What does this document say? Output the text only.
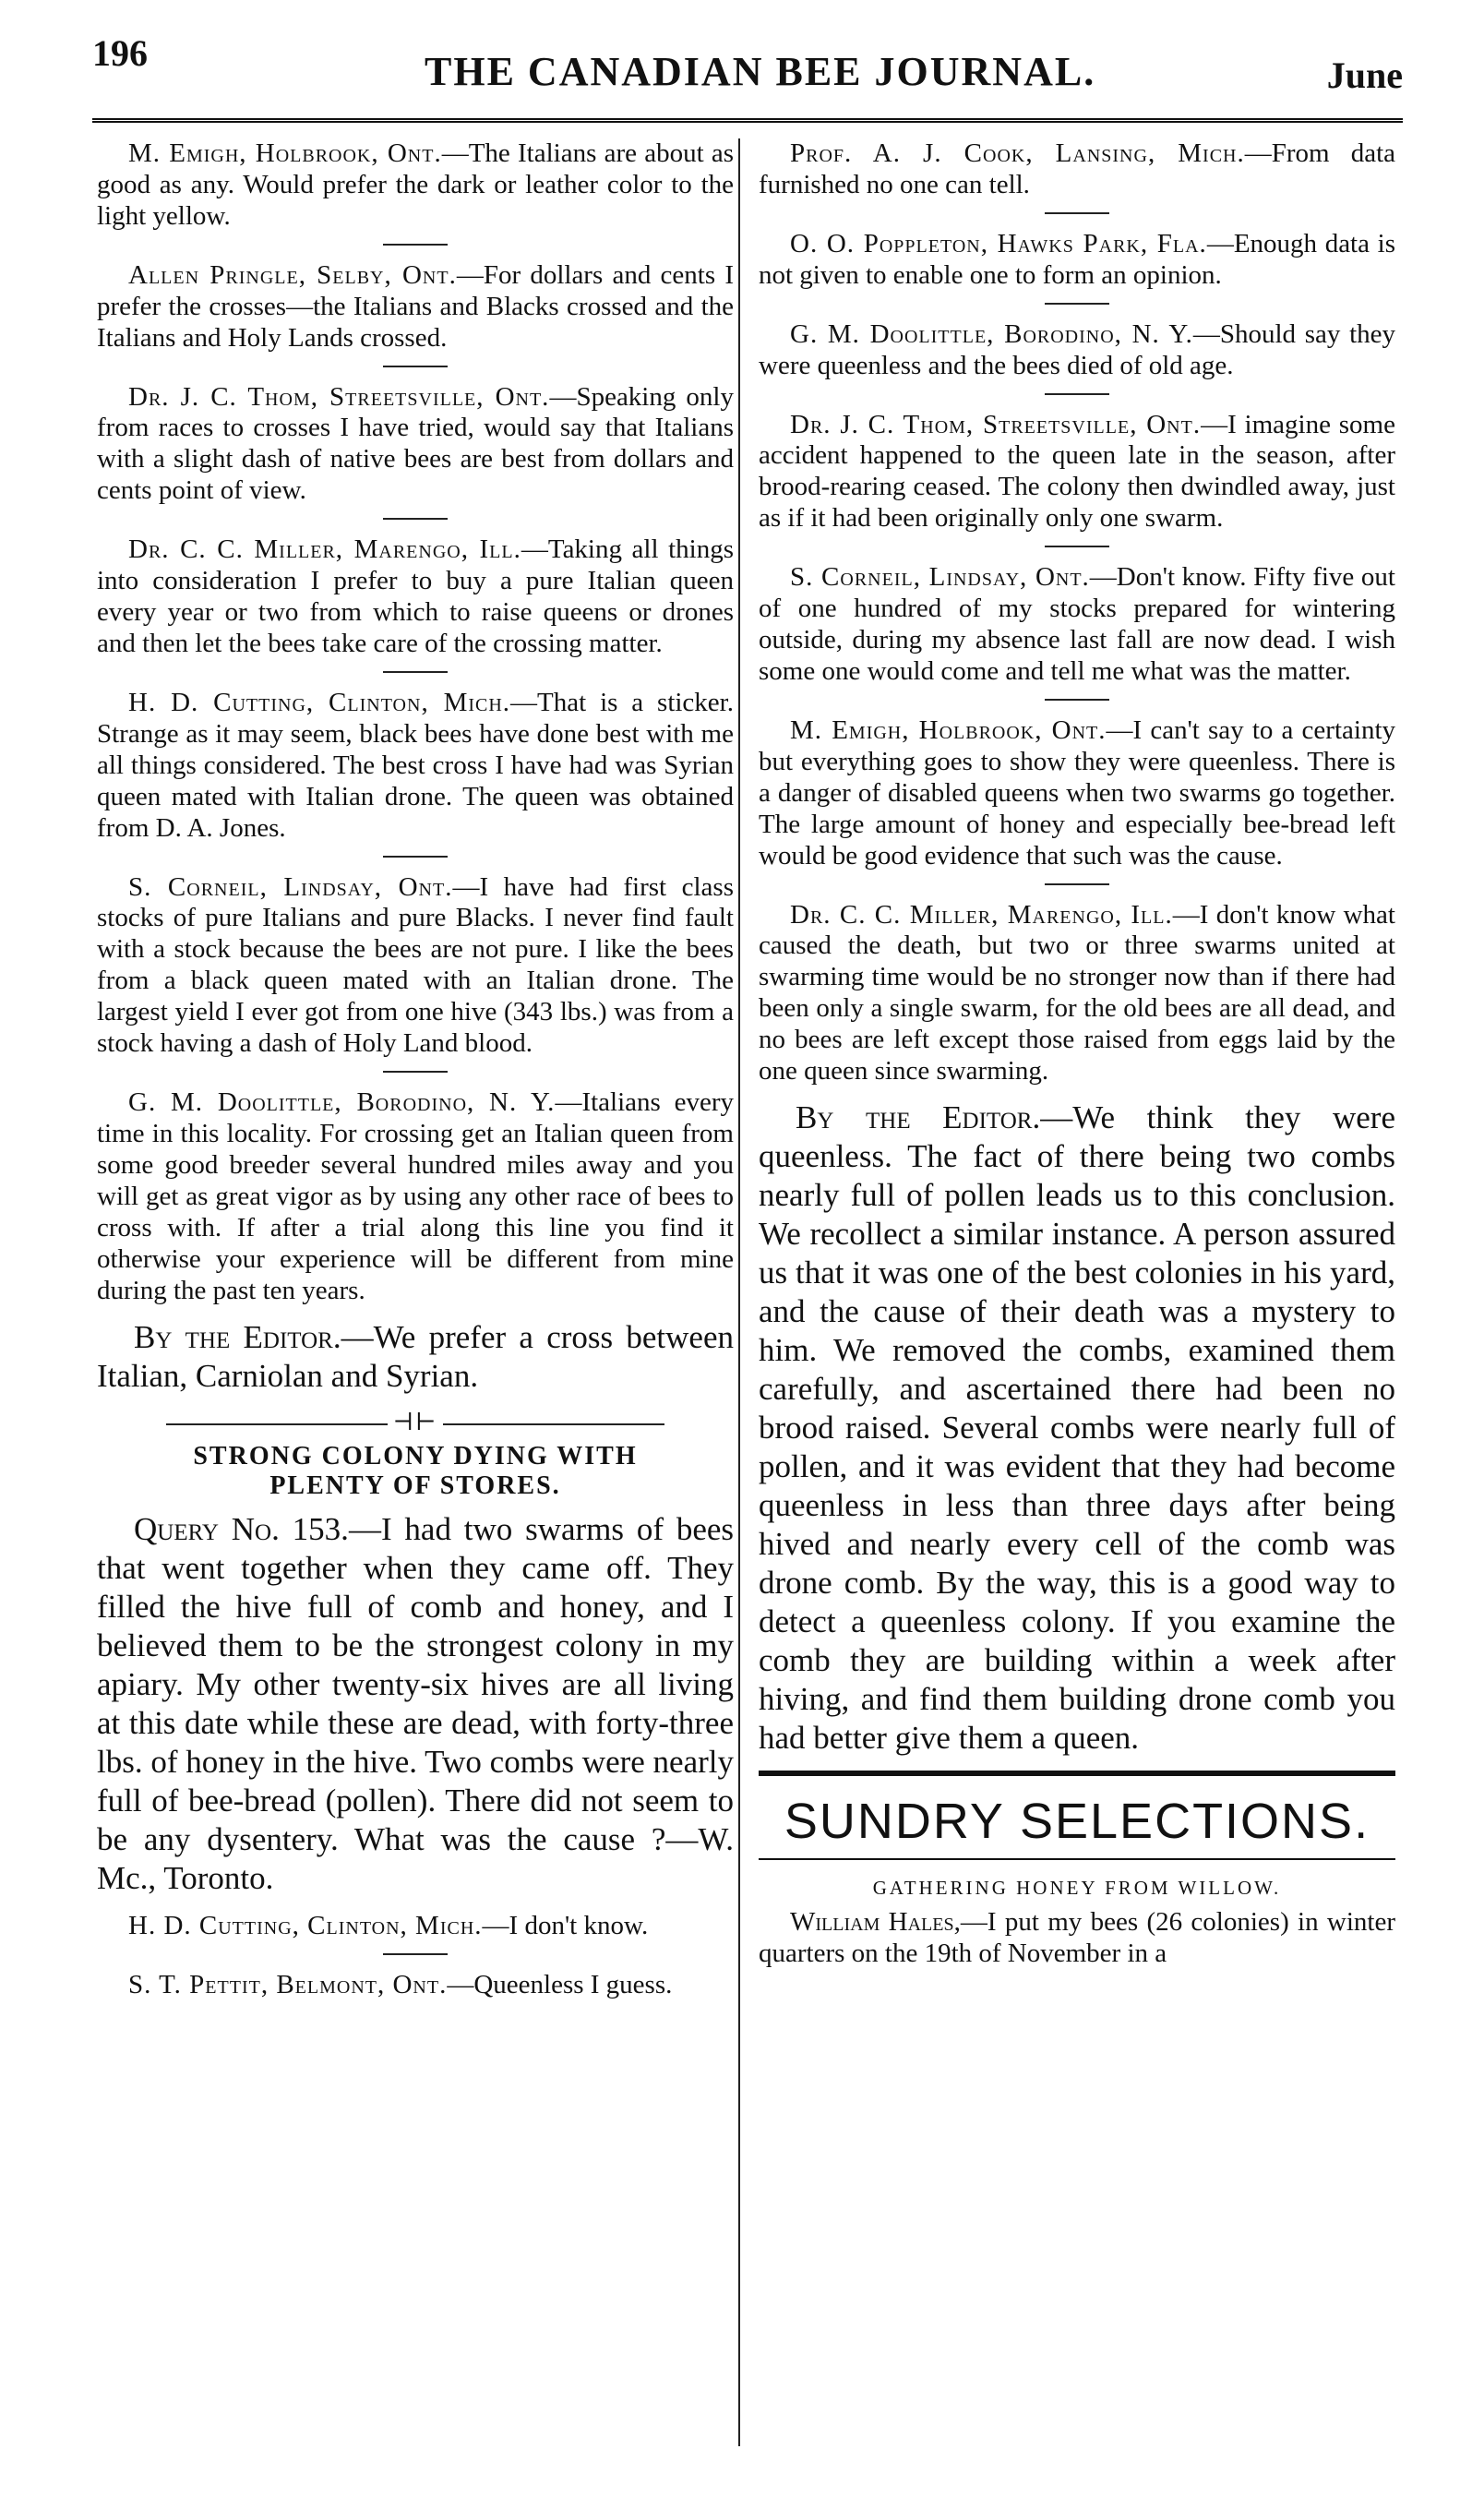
196	THE CANADIAN BEE JOURNAL.	June

M. Emigh, Holbrook, Ont.—The Italians are about as good as any. Would prefer the dark or leather color to the light yellow.

Allen Pringle, Selby, Ont.—For dollars and cents I prefer the crosses—the Italians and Blacks crossed and the Italians and Holy Lands crossed.

Dr. J. C. Thom, Streetsville, Ont.—Speaking only from races to crosses I have tried, would say that Italians with a slight dash of native bees are best from dollars and cents point of view.

Dr. C. C. Miller, Marengo, Ill.—Taking all things into consideration I prefer to buy a pure Italian queen every year or two from which to raise queens or drones and then let the bees take care of the crossing matter.

H. D. Cutting, Clinton, Mich.—That is a sticker. Strange as it may seem, black bees have done best with me all things considered. The best cross I have had was Syrian queen mated with Italian drone. The queen was obtained from D. A. Jones.

S. Corneil, Lindsay, Ont.—I have had first class stocks of pure Italians and pure Blacks. I never find fault with a stock because the bees are not pure. I like the bees from a black queen mated with an Italian drone. The largest yield I ever got from one hive (343 lbs.) was from a stock having a dash of Holy Land blood.

G. M. Doolittle, Borodino, N. Y.—Italians every time in this locality. For crossing get an Italian queen from some good breeder several hundred miles away and you will get as great vigor as by using any other race of bees to cross with. If after a trial along this line you find it otherwise your experience will be different from mine during the past ten years.

By the Editor.—We prefer a cross between Italian, Carniolan and Syrian.

⊣⊢
STRONG COLONY DYING WITH
PLENTY OF STORES.

Query No. 153.—I had two swarms of bees that went together when they came off. They filled the hive full of comb and honey, and I believed them to be the strongest colony in my apiary. My other twenty-six hives are all living at this date while these are dead, with forty-three lbs. of honey in the hive. Two combs were nearly full of bee-bread (pollen). There did not seem to be any dysentery. What was the cause ?—W. Mc., Toronto.

H. D. Cutting, Clinton, Mich.—I don't know.

S. T. Pettit, Belmont, Ont.—Queenless I guess.

Prof. A. J. Cook, Lansing, Mich.—From data furnished no one can tell.

O. O. Poppleton, Hawks Park, Fla.—Enough data is not given to enable one to form an opinion.

G. M. Doolittle, Borodino, N. Y.—Should say they were queenless and the bees died of old age.

Dr. J. C. Thom, Streetsville, Ont.—I imagine some accident happened to the queen late in the season, after brood-rearing ceased. The colony then dwindled away, just as if it had been originally only one swarm.

S. Corneil, Lindsay, Ont.—Don't know. Fifty five out of one hundred of my stocks prepared for wintering outside, during my absence last fall are now dead. I wish some one would come and tell me what was the matter.

M. Emigh, Holbrook, Ont.—I can't say to a certainty but everything goes to show they were queenless. There is a danger of disabled queens when two swarms go together. The large amount of honey and especially bee-bread left would be good evidence that such was the cause.

Dr. C. C. Miller, Marengo, Ill.—I don't know what caused the death, but two or three swarms united at swarming time would be no stronger now than if there had been only a single swarm, for the old bees are all dead, and no bees are left except those raised from eggs laid by the one queen since swarming.

By the Editor.—We think they were queenless. The fact of there being two combs nearly full of pollen leads us to this conclusion. We recollect a similar instance. A person assured us that it was one of the best colonies in his yard, and the cause of their death was a mystery to him. We removed the combs, examined them carefully, and ascertained there had been no brood raised. Several combs were nearly full of pollen, and it was evident that they had become queenless in less than three days after being hived and nearly every cell of the comb was drone comb. By the way, this is a good way to detect a queenless colony. If you examine the comb they are building within a week after hiving, and find them building drone comb you had better give them a queen.

SUNDRY SELECTIONS.
GATHERING HONEY FROM WILLOW.

William Hales,—I put my bees (26 colonies) in winter quarters on the 19th of November in a
